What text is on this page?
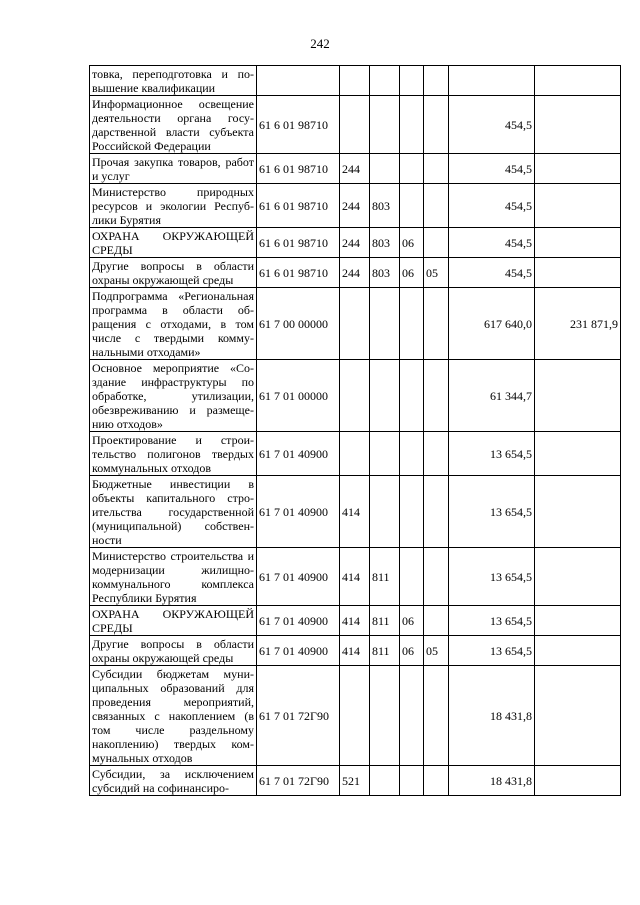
242
товка, переподготовка и повышение квалификации							
Информационное освещение деятельности органа государственной власти субъекта Российской Федерации	61 6 01 98710					454,5	
Прочая закупка товаров, работ и услуг	61 6 01 98710	244				454,5	
Министерство природных ресурсов и экологии Республики Бурятия	61 6 01 98710	244	803			454,5	
ОХРАНА ОКРУЖАЮЩЕЙ СРЕДЫ	61 6 01 98710	244	803	06		454,5	
Другие вопросы в области охраны окружающей среды	61 6 01 98710	244	803	06	05	454,5	
Подпрограмма «Региональная программа в области обращения с отходами, в том числе с твердыми коммунальными отходами»	61 7 00 00000					617 640,0	231 871,9
Основное мероприятие «Создание инфраструктуры по обработке, утилизации, обезвреживанию и размещению отходов»	61 7 01 00000					61 344,7	
Проектирование и строительство полигонов твердых коммунальных отходов	61 7 01 40900					13 654,5	
Бюджетные инвестиции в объекты капитального строительства государственной (муниципальной) собственности	61 7 01 40900	414				13 654,5	
Министерство строительства и модернизации жилищно-коммунального комплекса Республики Бурятия	61 7 01 40900	414	811			13 654,5	
ОХРАНА ОКРУЖАЮЩЕЙ СРЕДЫ	61 7 01 40900	414	811	06		13 654,5	
Другие вопросы в области охраны окружающей среды	61 7 01 40900	414	811	06	05	13 654,5	
Субсидии бюджетам муниципальных образований для проведения мероприятий, связанных с накоплением (в том числе раздельному накоплению) твердых коммунальных отходов	61 7 01 72Г90					18 431,8	
Субсидии, за исключением субсидий на софинансиро-	61 7 01 72Г90	521				18 431,8	
